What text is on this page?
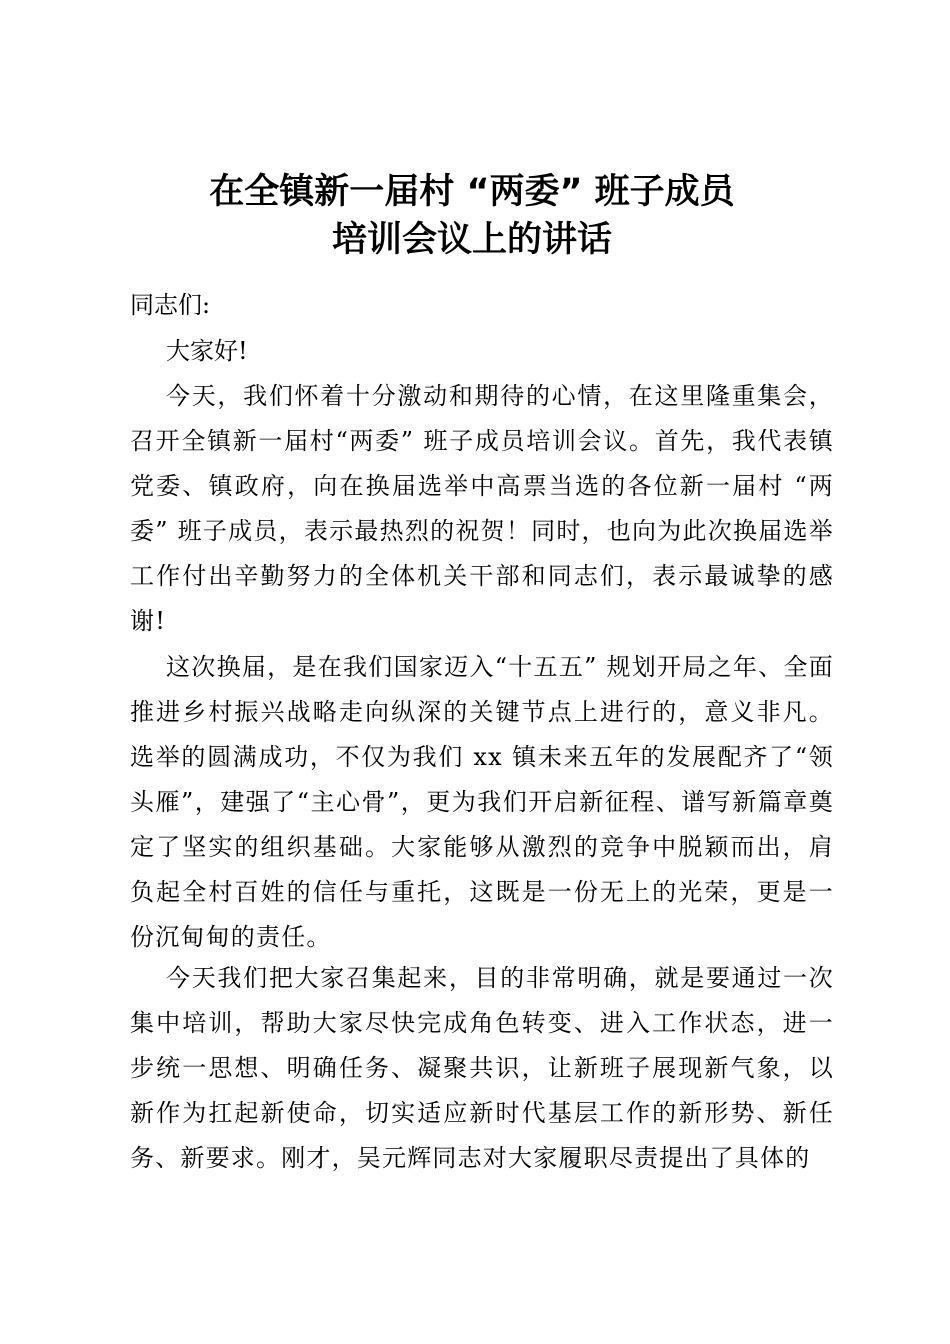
在全镇新一届村 “两委” 班子成员
培训会议上的讲话
同志们:
大家好!
今天，我们怀着十分激动和期待的心情，在这里隆重集会，召开全镇新一届村“两委” 班子成员培训会议。首先，我代表镇党委、镇政府，向在换届选举中高票当选的各位新一届村 “两委” 班子成员，表示最热烈的祝贺！同时，也向为此次换届选举工作付出辛勤努力的全体机关干部和同志们，表示最诚挚的感谢!
这次换届，是在我们国家迈入“十五五” 规划开局之年、全面推进乡村振兴战略走向纵深的关键节点上进行的，意义非凡。选举的圆满成功，不仅为我们 xx 镇未来五年的发展配齐了“领头雁”，建强了“主心骨”，更为我们开启新征程、谱写新篇章奠定了坚实的组织基础。大家能够从激烈的竞争中脱颖而出，肩负起全村百姓的信任与重托，这既是一份无上的光荣，更是一份沉甸甸的责任。
今天我们把大家召集起来，目的非常明确，就是要通过一次集中培训，帮助大家尽快完成角色转变、进入工作状态，进一步统一思想、明确任务、凝聚共识，让新班子展现新气象，以新作为扛起新使命，切实适应新时代基层工作的新形势、新任务、新要求。刚才，吴元辉同志对大家履职尽责提出了具体的
